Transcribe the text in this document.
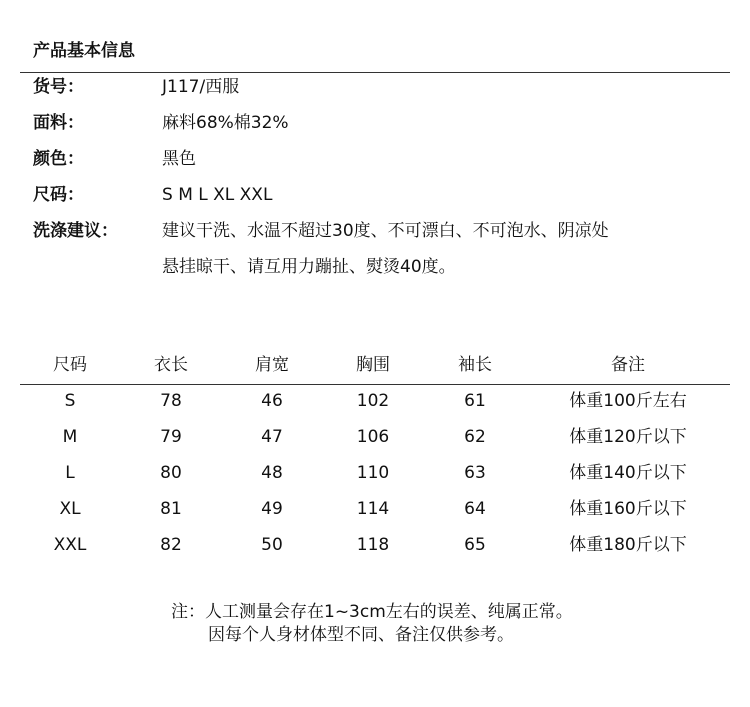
产品基本信息
货号：	J117/西服
面料：	麻料68%棉32%
颜色：	黑色
尺码：	S M L XL XXL
洗涤建议：	建议干洗、水温不超过30度、不可漂白、不可泡水、阴凉处
悬挂晾干、请互用力蹦扯、熨烫40度。
尺码	衣长	肩宽	胸围	袖长	备注
S	78	46	102	61	体重100斤左右
M	79	47	106	62	体重120斤以下
L	80	48	110	63	体重140斤以下
XL	81	49	114	64	体重160斤以下
XXL	82	50	118	65	体重180斤以下
注：人工测量会存在1~3cm左右的误差、纯属正常。
因每个人身材体型不同、备注仅供参考。
